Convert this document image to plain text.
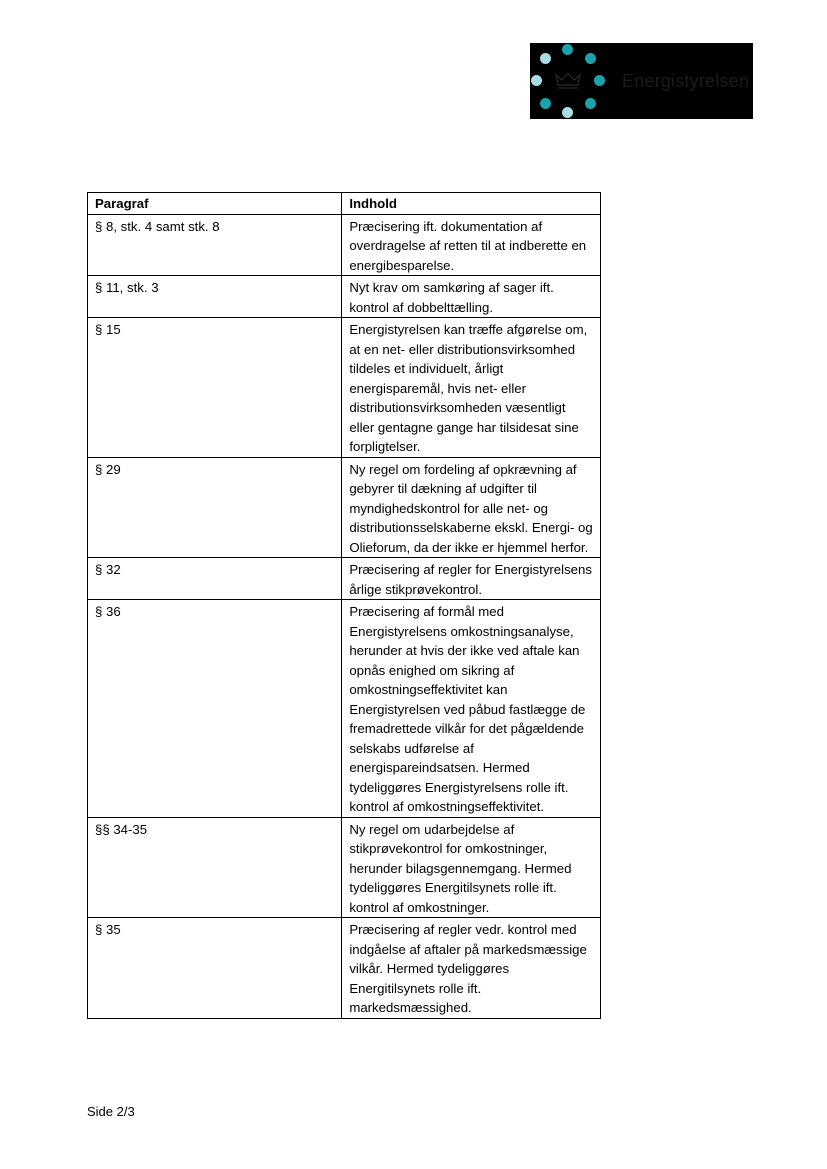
Energistyrelsen
Paragraf	Indhold
§ 8, stk. 4 samt stk. 8	Præcisering ift. dokumentation af overdragelse af retten til at indberette en energibesparelse.
§ 11, stk. 3	Nyt krav om samkøring af sager ift. kontrol af dobbelttælling.
§ 15	Energistyrelsen kan træffe afgørelse om, at en net- eller distributionsvirksomhed tildeles et individuelt, årligt energisparemål, hvis net- eller distributionsvirksomheden væsentligt eller gentagne gange har tilsidesat sine forpligtelser.
§ 29	Ny regel om fordeling af opkrævning af gebyrer til dækning af udgifter til myndighedskontrol for alle net- og distributionsselskaberne ekskl. Energi- og Olieforum, da der ikke er hjemmel herfor.
§ 32	Præcisering af regler for Energistyrelsens årlige stikprøvekontrol.
§ 36	Præcisering af formål med Energistyrelsens omkostningsanalyse, herunder at hvis der ikke ved aftale kan opnås enighed om sikring af omkostningseffektivitet kan Energistyrelsen ved påbud fastlægge de fremadrettede vilkår for det pågældende selskabs udførelse af energispareindsatsen. Hermed tydeliggøres Energistyrelsens rolle ift. kontrol af omkostningseffektivitet.
§§ 34-35	Ny regel om udarbejdelse af stikprøvekontrol for omkostninger, herunder bilagsgennemgang. Hermed tydeliggøres Energitilsynets rolle ift. kontrol af omkostninger.
§ 35	Præcisering af regler vedr. kontrol med indgåelse af aftaler på markedsmæssige vilkår. Hermed tydeliggøres Energitilsynets rolle ift. markedsmæssighed.
Side 2/3
